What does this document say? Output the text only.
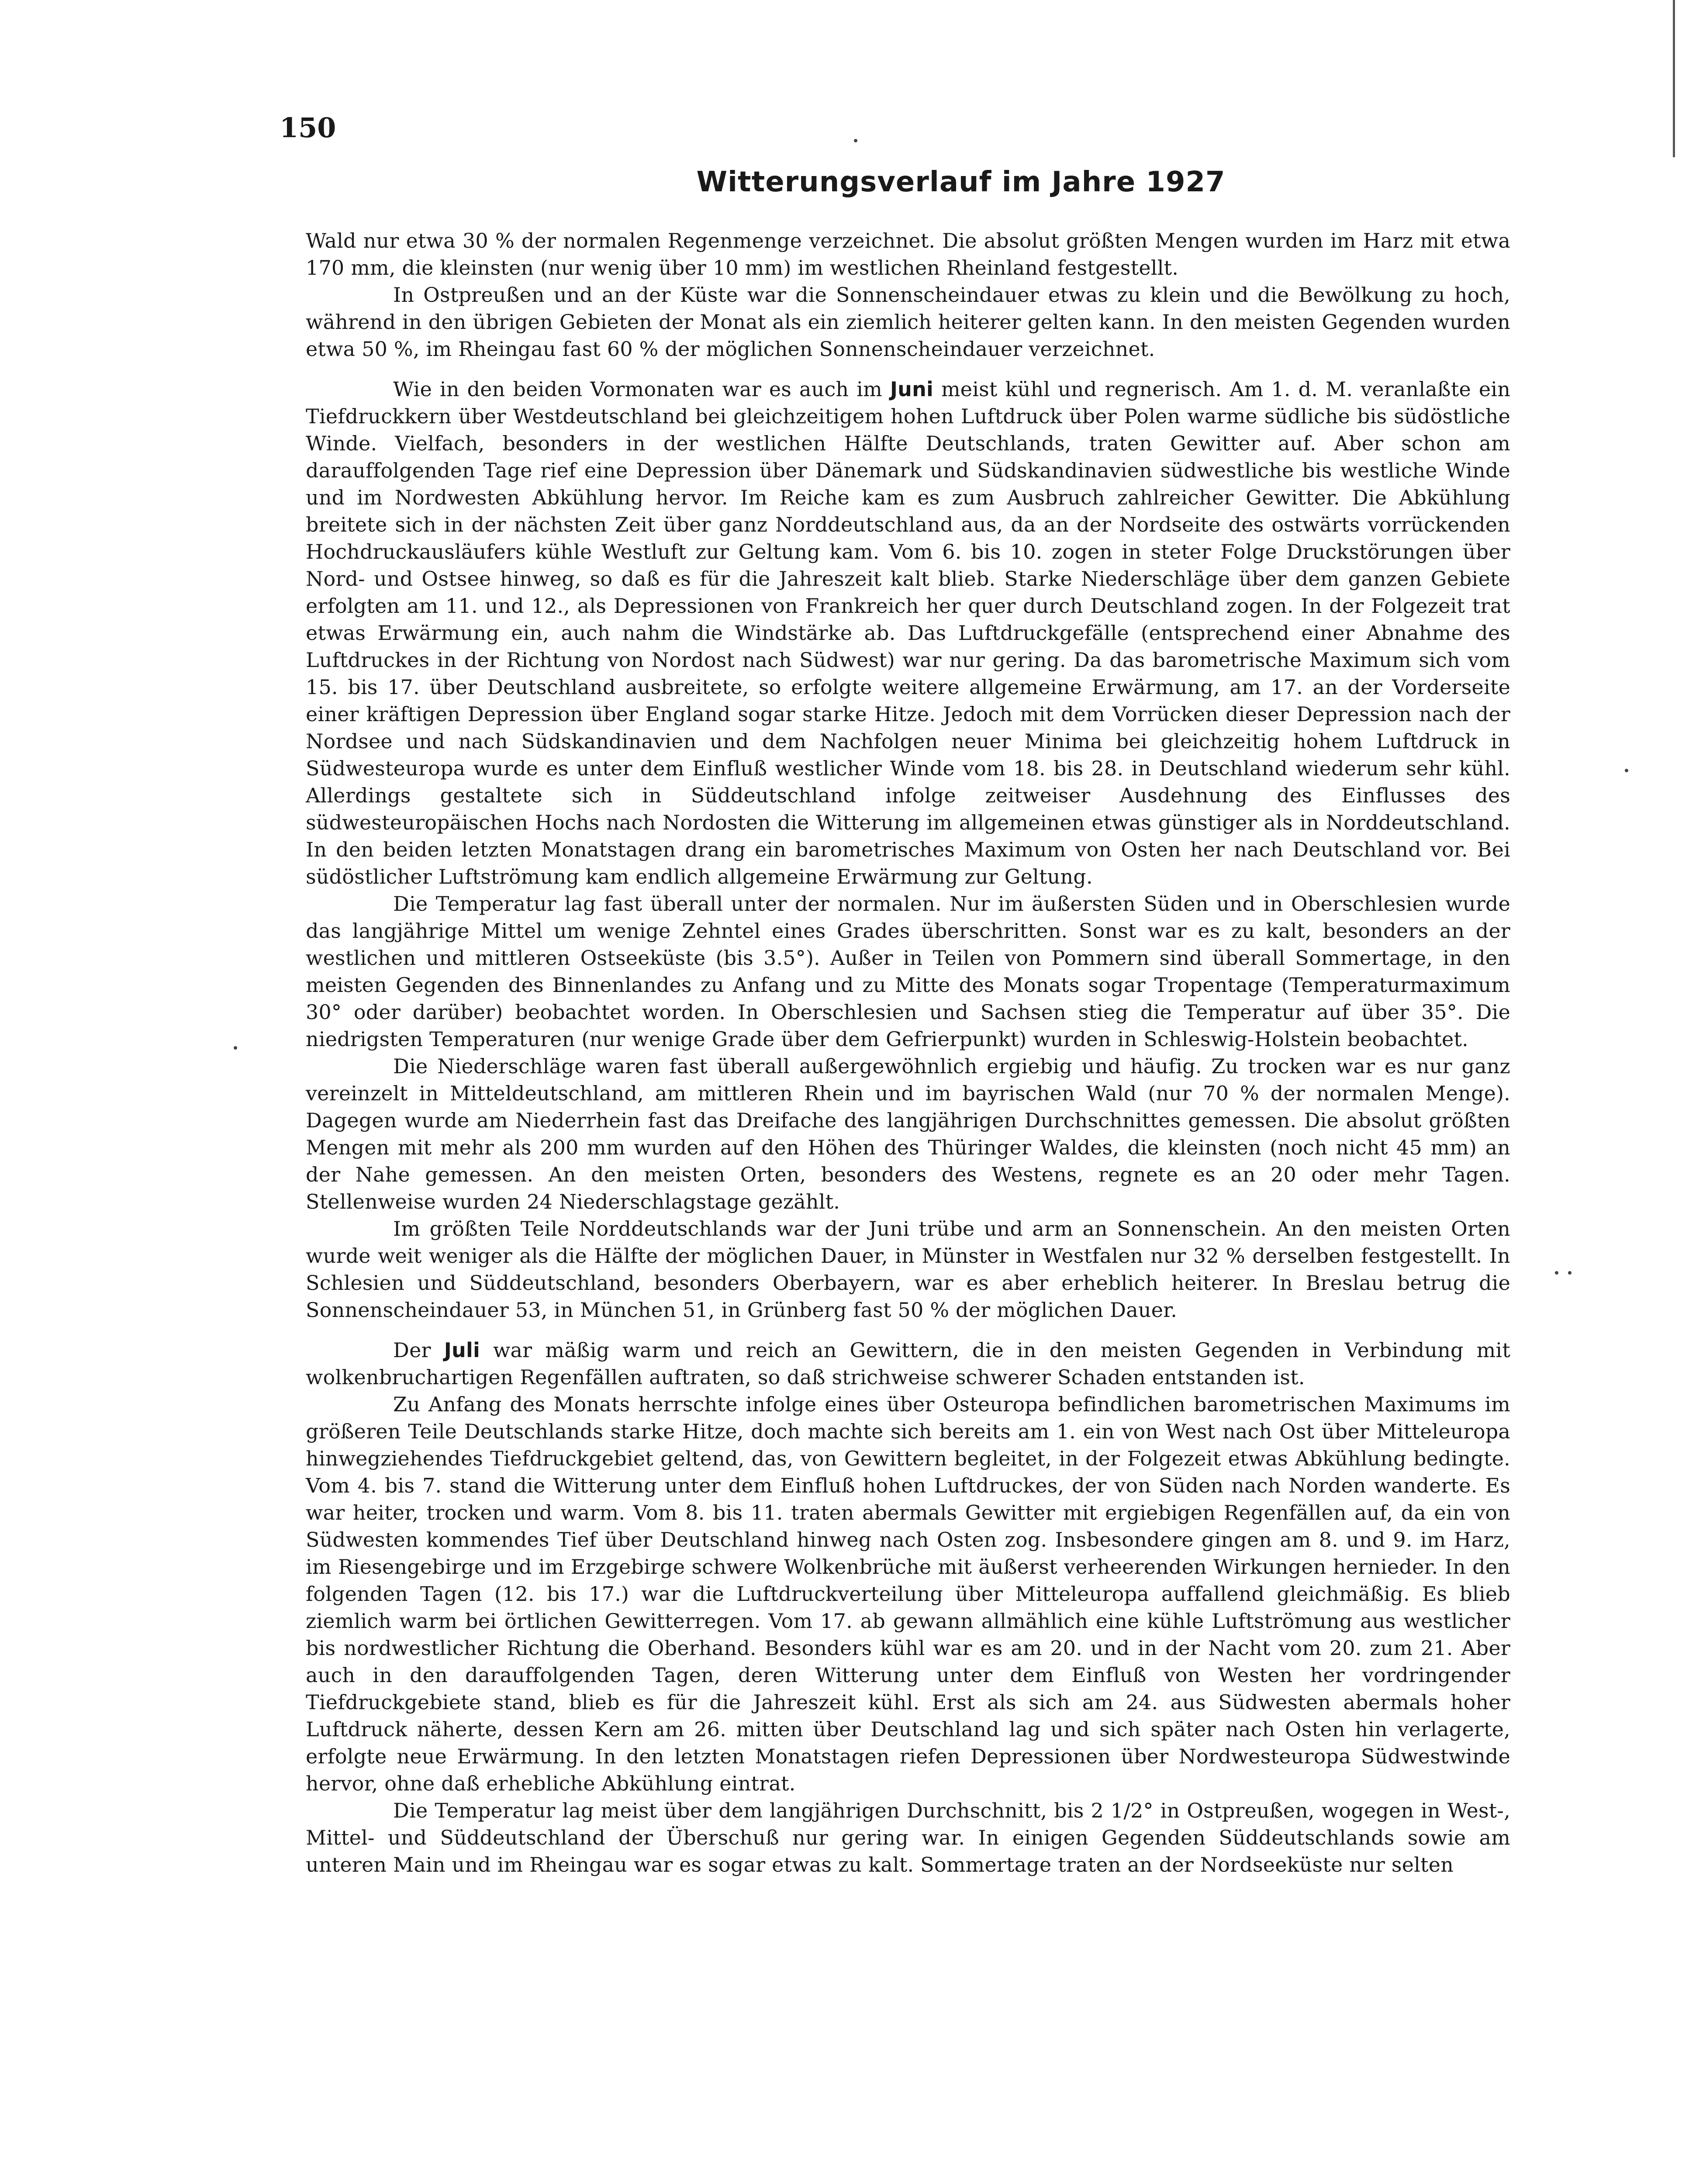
150
Witterungsverlauf im Jahre 1927

Wald nur etwa 30 % der normalen Regenmenge verzeichnet. Die absolut größten Mengen wurden im Harz mit etwa 170 mm, die kleinsten (nur wenig über 10 mm) im westlichen Rheinland festgestellt.

In Ostpreußen und an der Küste war die Sonnenscheindauer etwas zu klein und die Bewölkung zu hoch, während in den übrigen Gebieten der Monat als ein ziemlich heiterer gelten kann. In den meisten Gegenden wurden etwa 50 %, im Rheingau fast 60 % der möglichen Sonnenscheindauer verzeichnet.

Wie in den beiden Vormonaten war es auch im Juni meist kühl und regnerisch. Am 1. d. M. veranlaßte ein Tiefdruckkern über Westdeutschland bei gleichzeitigem hohen Luftdruck über Polen warme südliche bis südöstliche Winde. Vielfach, besonders in der westlichen Hälfte Deutschlands, traten Gewitter auf. Aber schon am darauffolgenden Tage rief eine Depression über Dänemark und Südskandinavien südwestliche bis westliche Winde und im Nordwesten Abkühlung hervor. Im Reiche kam es zum Ausbruch zahlreicher Gewitter. Die Abkühlung breitete sich in der nächsten Zeit über ganz Norddeutschland aus, da an der Nordseite des ostwärts vorrückenden Hochdruckausläufers kühle Westluft zur Geltung kam. Vom 6. bis 10. zogen in steter Folge Druckstörungen über Nord- und Ostsee hinweg, so daß es für die Jahreszeit kalt blieb. Starke Niederschläge über dem ganzen Gebiete erfolgten am 11. und 12., als Depressionen von Frankreich her quer durch Deutschland zogen. In der Folgezeit trat etwas Erwärmung ein, auch nahm die Windstärke ab. Das Luftdruckgefälle (entsprechend einer Abnahme des Luftdruckes in der Richtung von Nordost nach Südwest) war nur gering. Da das barometrische Maximum sich vom 15. bis 17. über Deutschland ausbreitete, so erfolgte weitere allgemeine Erwärmung, am 17. an der Vorderseite einer kräftigen Depression über England sogar starke Hitze. Jedoch mit dem Vorrücken dieser Depression nach der Nordsee und nach Südskandinavien und dem Nachfolgen neuer Minima bei gleichzeitig hohem Luftdruck in Südwesteuropa wurde es unter dem Einfluß westlicher Winde vom 18. bis 28. in Deutschland wiederum sehr kühl. Allerdings gestaltete sich in Süddeutschland infolge zeitweiser Ausdehnung des Einflusses des südwesteuropäischen Hochs nach Nordosten die Witterung im allgemeinen etwas günstiger als in Norddeutschland. In den beiden letzten Monatstagen drang ein barometrisches Maximum von Osten her nach Deutschland vor. Bei südöstlicher Luftströmung kam endlich allgemeine Erwärmung zur Geltung.

Die Temperatur lag fast überall unter der normalen. Nur im äußersten Süden und in Oberschlesien wurde das langjährige Mittel um wenige Zehntel eines Grades überschritten. Sonst war es zu kalt, besonders an der westlichen und mittleren Ostseeküste (bis 3.5°). Außer in Teilen von Pommern sind überall Sommertage, in den meisten Gegenden des Binnenlandes zu Anfang und zu Mitte des Monats sogar Tropentage (Temperaturmaximum 30° oder darüber) beobachtet worden. In Oberschlesien und Sachsen stieg die Temperatur auf über 35°. Die niedrigsten Temperaturen (nur wenige Grade über dem Gefrierpunkt) wurden in Schleswig-Holstein beobachtet.

Die Niederschläge waren fast überall außergewöhnlich ergiebig und häufig. Zu trocken war es nur ganz vereinzelt in Mitteldeutschland, am mittleren Rhein und im bayrischen Wald (nur 70 % der normalen Menge). Dagegen wurde am Niederrhein fast das Dreifache des langjährigen Durchschnittes gemessen. Die absolut größten Mengen mit mehr als 200 mm wurden auf den Höhen des Thüringer Waldes, die kleinsten (noch nicht 45 mm) an der Nahe gemessen. An den meisten Orten, besonders des Westens, regnete es an 20 oder mehr Tagen. Stellenweise wurden 24 Niederschlagstage gezählt.

Im größten Teile Norddeutschlands war der Juni trübe und arm an Sonnenschein. An den meisten Orten wurde weit weniger als die Hälfte der möglichen Dauer, in Münster in Westfalen nur 32 % derselben festgestellt. In Schlesien und Süddeutschland, besonders Oberbayern, war es aber erheblich heiterer. In Breslau betrug die Sonnenscheindauer 53, in München 51, in Grünberg fast 50 % der möglichen Dauer.

Der Juli war mäßig warm und reich an Gewittern, die in den meisten Gegenden in Verbindung mit wolkenbruchartigen Regenfällen auftraten, so daß strichweise schwerer Schaden entstanden ist.

Zu Anfang des Monats herrschte infolge eines über Osteuropa befindlichen barometrischen Maximums im größeren Teile Deutschlands starke Hitze, doch machte sich bereits am 1. ein von West nach Ost über Mitteleuropa hinwegziehendes Tiefdruckgebiet geltend, das, von Gewittern begleitet, in der Folgezeit etwas Abkühlung bedingte. Vom 4. bis 7. stand die Witterung unter dem Einfluß hohen Luftdruckes, der von Süden nach Norden wanderte. Es war heiter, trocken und warm. Vom 8. bis 11. traten abermals Gewitter mit ergiebigen Regenfällen auf, da ein von Südwesten kommendes Tief über Deutschland hinweg nach Osten zog. Insbesondere gingen am 8. und 9. im Harz, im Riesengebirge und im Erzgebirge schwere Wolkenbrüche mit äußerst verheerenden Wirkungen hernieder. In den folgenden Tagen (12. bis 17.) war die Luftdruckverteilung über Mitteleuropa auffallend gleichmäßig. Es blieb ziemlich warm bei örtlichen Gewitterregen. Vom 17. ab gewann allmählich eine kühle Luftströmung aus westlicher bis nordwestlicher Richtung die Oberhand. Besonders kühl war es am 20. und in der Nacht vom 20. zum 21. Aber auch in den darauffolgenden Tagen, deren Witterung unter dem Einfluß von Westen her vordringender Tiefdruckgebiete stand, blieb es für die Jahreszeit kühl. Erst als sich am 24. aus Südwesten abermals hoher Luftdruck näherte, dessen Kern am 26. mitten über Deutschland lag und sich später nach Osten hin verlagerte, erfolgte neue Erwärmung. In den letzten Monatstagen riefen Depressionen über Nordwesteuropa Südwestwinde hervor, ohne daß erhebliche Abkühlung eintrat.

Die Temperatur lag meist über dem langjährigen Durchschnitt, bis 2 1/2° in Ostpreußen, wogegen in West-, Mittel- und Süddeutschland der Überschuß nur gering war. In einigen Gegenden Süddeutschlands sowie am unteren Main und im Rheingau war es sogar etwas zu kalt. Sommertage traten an der Nordseeküste nur selten
